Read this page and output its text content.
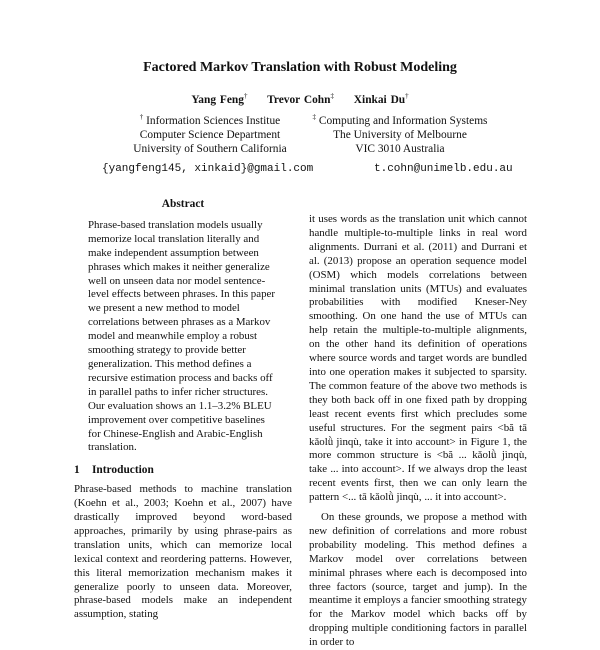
Factored Markov Translation with Robust Modeling
Yang Feng† Trevor Cohn‡ Xinkai Du†
† Information Sciences Institue
Computer Science Department
University of Southern California
‡ Computing and Information Systems
The University of Melbourne
VIC 3010 Australia
{yangfeng145, xinkaid}@gmail.com	t.cohn@unimelb.edu.au
Abstract

Phrase-based translation models usually memorize local translation literally and make independent assumption between phrases which makes it neither generalize well on unseen data nor model sentence-level effects between phrases. In this paper we present a new method to model correlations between phrases as a Markov model and meanwhile employ a robust smoothing strategy to provide better generalization. This method defines a recursive estimation process and backs off in parallel paths to infer richer structures. Our evaluation shows an 1.1–3.2% BLEU improvement over competitive baselines for Chinese-English and Arabic-English translation.

1 Introduction

Phrase-based methods to machine translation (Koehn et al., 2003; Koehn et al., 2007) have drastically improved beyond word-based approaches, primarily by using phrase-pairs as translation units, which can memorize local lexical context and reordering patterns. However, this literal memorization mechanism makes it generalize poorly to unseen data. Moreover, phrase-based models make an independent assumption, stating

it uses words as the translation unit which cannot handle multiple-to-multiple links in real word alignments. Durrani et al. (2011) and Durrani et al. (2013) propose an operation sequence model (OSM) which models correlations between minimal translation units (MTUs) and evaluates probabilities with modified Kneser-Ney smoothing. On one hand the use of MTUs can help retain the multiple-to-multiple alignments, on the other hand its definition of operations where source words and target words are bundled into one operation makes it subjected to sparsity. The common feature of the above two methods is they both back off in one fixed path by dropping least recent events first which precludes some useful structures. For the segment pairs <bă tā kǎolǜ jìnqù, take it into account> in Figure 1, the more common structure is <bă ... kǎolǜ jìnqù, take ... into account>. If we always drop the least recent events first, then we can only learn the pattern <... tā kǎolǜ jìnqù, ... it into account>.

On these grounds, we propose a method with new definition of correlations and more robust probability modeling. This method defines a Markov model over correlations between minimal phrases where each is decomposed into three factors (source, target and jump). In the meantime it employs a fancier smoothing strategy for the Markov model which backs off by dropping multiple conditioning factors in parallel in order to
